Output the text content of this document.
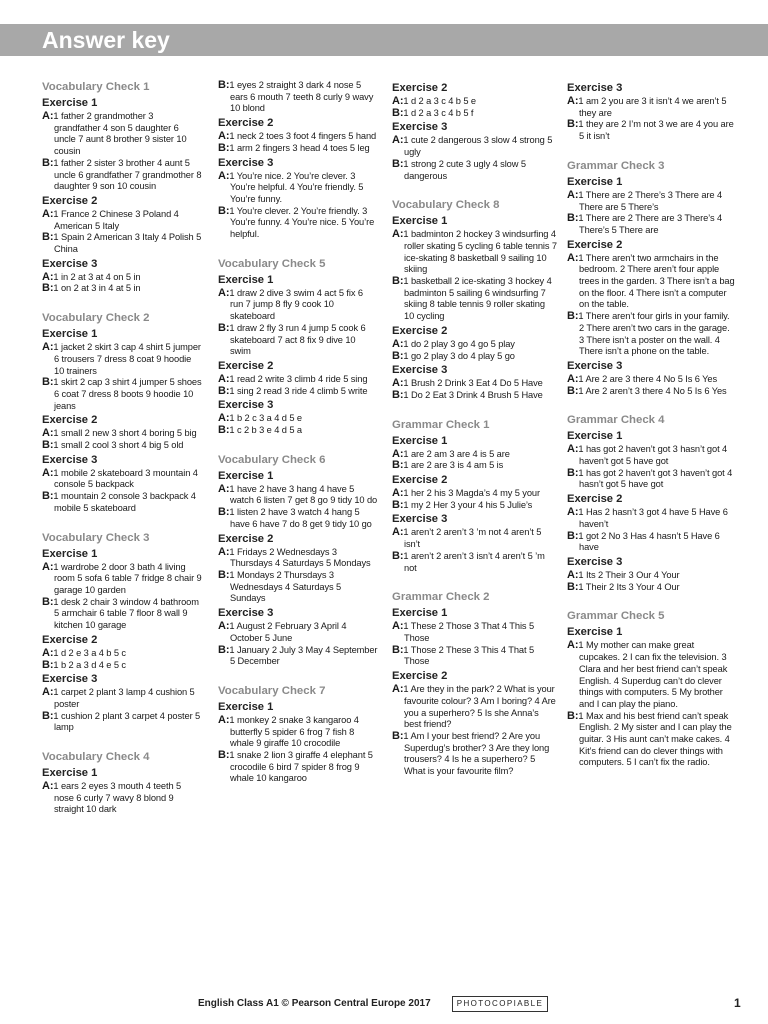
Answer key
Vocabulary Check 1
Exercise 1

A:1 father 2 grandmother 3 grandfather 4 son 5 daughter 6 uncle 7 aunt 8 brother 9 sister 10 cousin

B:1 father 2 sister 3 brother 4 aunt 5 uncle 6 grandfather 7 grandmother 8 daughter 9 son 10 cousin

Exercise 2

A:1 France 2 Chinese 3 Poland 4 American 5 Italy

B:1 Spain 2 American 3 Italy 4 Polish 5 China

Exercise 3

A:1 in 2 at 3 at 4 on 5 in

B:1 on 2 at 3 in 4 at 5 in

Vocabulary Check 2
Exercise 1

A:1 jacket 2 skirt 3 cap 4 shirt 5 jumper 6 trousers 7 dress 8 coat 9 hoodie 10 trainers

B:1 skirt 2 cap 3 shirt 4 jumper 5 shoes 6 coat 7 dress 8 boots 9 hoodie 10 jeans

Exercise 2

A:1 small 2 new 3 short 4 boring 5 big

B:1 small 2 cool 3 short 4 big 5 old

Exercise 3

A:1 mobile 2 skateboard 3 mountain 4 console 5 backpack

B:1 mountain 2 console 3 backpack 4 mobile 5 skateboard

Vocabulary Check 3
Exercise 1

A:1 wardrobe 2 door 3 bath 4 living room 5 sofa 6 table 7 fridge 8 chair 9 garage 10 garden

B:1 desk 2 chair 3 window 4 bathroom 5 armchair 6 table 7 floor 8 wall 9 kitchen 10 garage

Exercise 2

A:1 d 2 e 3 a 4 b 5 c

B:1 b 2 a 3 d 4 e 5 c

Exercise 3

A:1 carpet 2 plant 3 lamp 4 cushion 5 poster

B:1 cushion 2 plant 3 carpet 4 poster 5 lamp

Vocabulary Check 4
Exercise 1

A:1 ears 2 eyes 3 mouth 4 teeth 5 nose 6 curly 7 wavy 8 blond 9 straight 10 dark

B:1 eyes 2 straight 3 dark 4 nose 5 ears 6 mouth 7 teeth 8 curly 9 wavy 10 blond

Exercise 2

A:1 neck 2 toes 3 foot 4 fingers 5 hand

B:1 arm 2 fingers 3 head 4 toes 5 leg

Exercise 3

A:1 You’re nice. 2 You’re clever. 3 You’re helpful. 4 You’re friendly. 5 You’re funny.

B:1 You’re clever. 2 You’re friendly. 3 You’re funny. 4 You’re nice. 5 You’re helpful.

Vocabulary Check 5
Exercise 1

A:1 draw 2 dive 3 swim 4 act 5 fix 6 run 7 jump 8 fly 9 cook 10 skateboard

B:1 draw 2 fly 3 run 4 jump 5 cook 6 skateboard 7 act 8 fix 9 dive 10 swim

Exercise 2

A:1 read 2 write 3 climb 4 ride 5 sing

B:1 sing 2 read 3 ride 4 climb 5 write

Exercise 3

A:1 b 2 c 3 a 4 d 5 e

B:1 c 2 b 3 e 4 d 5 a

Vocabulary Check 6
Exercise 1

A:1 have 2 have 3 hang 4 have 5 watch 6 listen 7 get 8 go 9 tidy 10 do

B:1 listen 2 have 3 watch 4 hang 5 have 6 have 7 do 8 get 9 tidy 10 go

Exercise 2

A:1 Fridays 2 Wednesdays 3 Thursdays 4 Saturdays 5 Mondays

B:1 Mondays 2 Thursdays 3 Wednesdays 4 Saturdays 5 Sundays

Exercise 3

A:1 August 2 February 3 April 4 October 5 June

B:1 January 2 July 3 May 4 September 5 December

Vocabulary Check 7
Exercise 1

A:1 monkey 2 snake 3 kangaroo 4 butterfly 5 spider 6 frog 7 fish 8 whale 9 giraffe 10 crocodile

B:1 snake 2 lion 3 giraffe 4 elephant 5 crocodile 6 bird 7 spider 8 frog 9 whale 10 kangaroo

Exercise 2

A:1 d 2 a 3 c 4 b 5 e

B:1 d 2 a 3 c 4 b 5 f

Exercise 3

A:1 cute 2 dangerous 3 slow 4 strong 5 ugly

B:1 strong 2 cute 3 ugly 4 slow 5 dangerous

Vocabulary Check 8
Exercise 1

A:1 badminton 2 hockey 3 windsurfing 4 roller skating 5 cycling 6 table tennis 7 ice-skating 8 basketball 9 sailing 10 skiing

B:1 basketball 2 ice-skating 3 hockey 4 badminton 5 sailing 6 windsurfing 7 skiing 8 table tennis 9 roller skating 10 cycling

Exercise 2

A:1 do 2 play 3 go 4 go 5 play

B:1 go 2 play 3 do 4 play 5 go

Exercise 3

A:1 Brush 2 Drink 3 Eat 4 Do 5 Have

B:1 Do 2 Eat 3 Drink 4 Brush 5 Have

Grammar Check 1
Exercise 1

A:1 are 2 am 3 are 4 is 5 are

B:1 are 2 are 3 is 4 am 5 is

Exercise 2

A:1 her 2 his 3 Magda’s 4 my 5 your

B:1 my 2 Her 3 your 4 his 5 Julie’s

Exercise 3

A:1 aren’t 2 aren’t 3 ’m not 4 aren’t 5 isn’t

B:1 aren’t 2 aren’t 3 isn’t 4 aren’t 5 ’m not

Grammar Check 2
Exercise 1

A:1 These 2 Those 3 That 4 This 5 Those

B:1 Those 2 These 3 This 4 That 5 Those

Exercise 2

A:1 Are they in the park? 2 What is your favourite colour? 3 Am I boring? 4 Are you a superhero? 5 Is she Anna’s best friend?

B:1 Am I your best friend? 2 Are you Superdug’s brother? 3 Are they long trousers? 4 Is he a superhero? 5 What is your favourite film?

Exercise 3

A:1 am 2 you are 3 it isn’t 4 we aren’t 5 they are

B:1 they are 2 I’m not 3 we are 4 you are 5 it isn’t

Grammar Check 3
Exercise 1

A:1 There are 2 There’s 3 There are 4 There are 5 There’s

B:1 There are 2 There are 3 There’s 4 There’s 5 There are

Exercise 2

A:1 There aren’t two armchairs in the bedroom. 2 There aren’t four apple trees in the garden. 3 There isn’t a bag on the floor. 4 There isn’t a computer on the table.

B:1 There aren’t four girls in your family. 2 There aren’t two cars in the garage. 3 There isn’t a poster on the wall. 4 There isn’t a phone on the table.

Exercise 3

A:1 Are 2 are 3 there 4 No 5 Is 6 Yes

B:1 Are 2 aren’t 3 there 4 No 5 Is 6 Yes

Grammar Check 4
Exercise 1

A:1 has got 2 haven’t got 3 hasn’t got 4 haven’t got 5 have got

B:1 has got 2 haven’t got 3 haven’t got 4 hasn’t got 5 have got

Exercise 2

A:1 Has 2 hasn’t 3 got 4 have 5 Have 6 haven’t

B:1 got 2 No 3 Has 4 hasn’t 5 Have 6 have

Exercise 3

A:1 Its 2 Their 3 Our 4 Your

B:1 Their 2 Its 3 Your 4 Our

Grammar Check 5
Exercise 1

A:1 My mother can make great cupcakes. 2 I can fix the television. 3 Clara and her best friend can’t speak English. 4 Superdug can’t do clever things with computers. 5 My brother and I can play the piano.

B:1 Max and his best friend can’t speak English. 2 My sister and I can play the guitar. 3 His aunt can’t make cakes. 4 Kit’s friend can do clever things with computers. 5 I can’t fix the radio.

English Class A1 © Pearson Central Europe 2017	PHOTOCOPIABLE	1
